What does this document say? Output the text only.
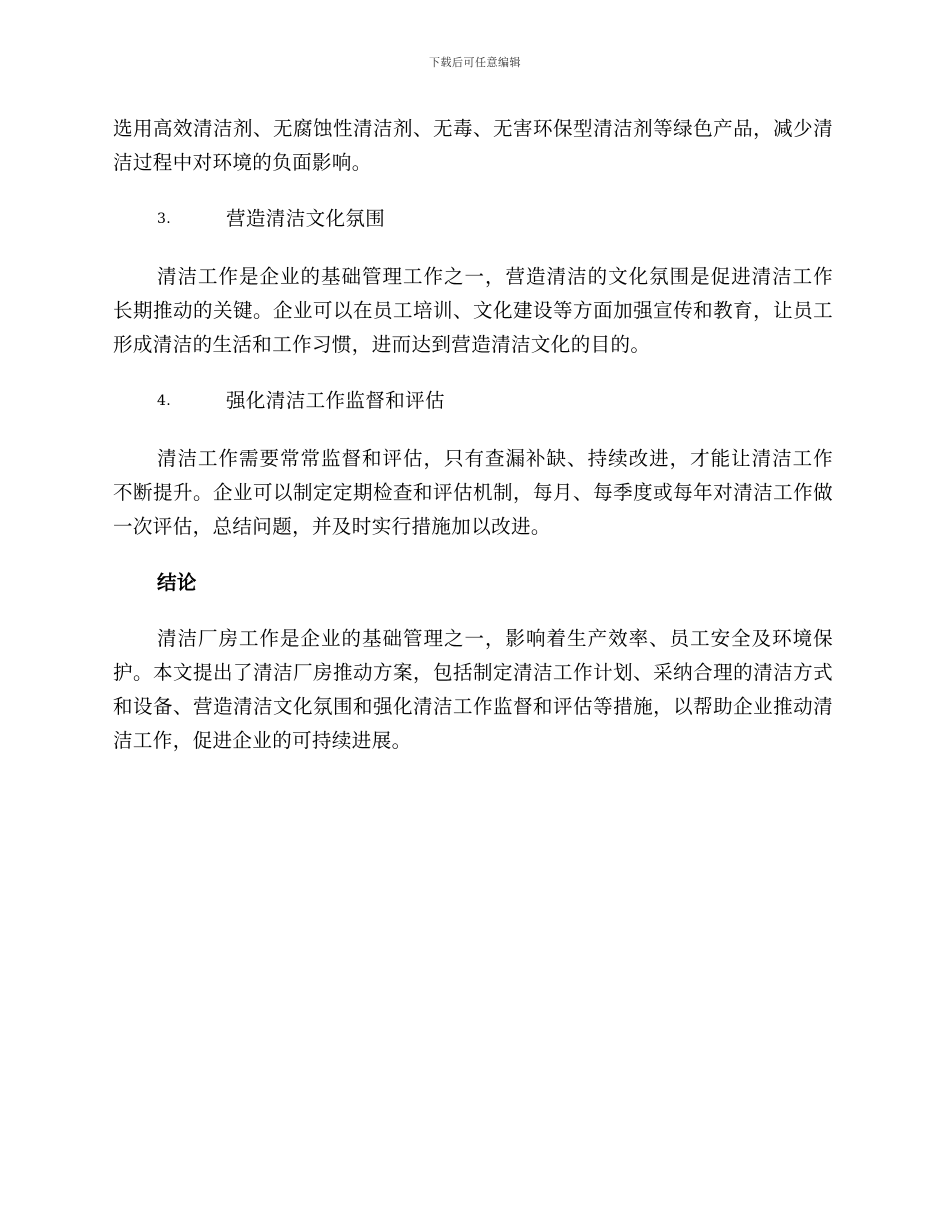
下载后可任意编辑

选用高效清洁剂、无腐蚀性清洁剂、无毒、无害环保型清洁剂等绿色产品，减少清洁过程中对环境的负面影响。

3.	营造清洁文化氛围

清洁工作是企业的基础管理工作之一，营造清洁的文化氛围是促进清洁工作长期推动的关键。企业可以在员工培训、文化建设等方面加强宣传和教育，让员工形成清洁的生活和工作习惯，进而达到营造清洁文化的目的。

4.	强化清洁工作监督和评估

清洁工作需要常常监督和评估，只有查漏补缺、持续改进，才能让清洁工作不断提升。企业可以制定定期检查和评估机制，每月、每季度或每年对清洁工作做一次评估，总结问题，并及时实行措施加以改进。

结论

清洁厂房工作是企业的基础管理之一，影响着生产效率、员工安全及环境保护。本文提出了清洁厂房推动方案，包括制定清洁工作计划、采纳合理的清洁方式和设备、营造清洁文化氛围和强化清洁工作监督和评估等措施，以帮助企业推动清洁工作，促进企业的可持续进展。
